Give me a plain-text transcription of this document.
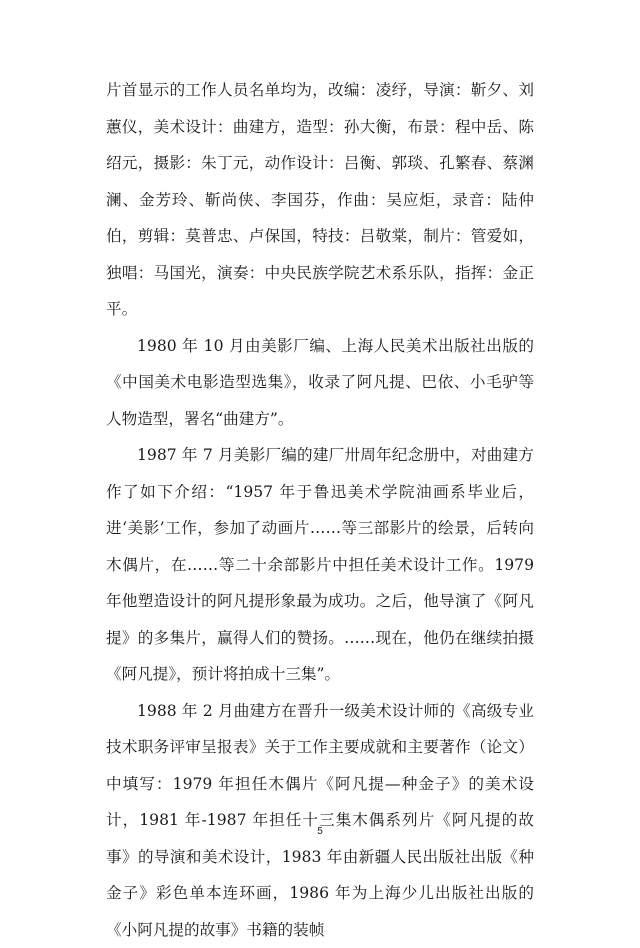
片首显示的工作人员名单均为，改编：凌纾，导演：靳夕、刘蕙仪，美术设计：曲建方，造型：孙大衡，布景：程中岳、陈绍元，摄影：朱丁元，动作设计：吕衡、郭琰、孔繁春、蔡渊澜、金芳玲、靳尚侠、李国芬，作曲：吴应炬，录音：陆仲伯，剪辑：莫普忠、卢保国，特技：吕敬棠，制片：管爱如，独唱：马国光，演奏：中央民族学院艺术系乐队，指挥：金正平。

1980 年 10 月由美影厂编、上海人民美术出版社出版的《中国美术电影造型选集》，收录了阿凡提、巴依、小毛驴等人物造型，署名“曲建方”。

1987 年 7 月美影厂编的建厂卅周年纪念册中，对曲建方作了如下介绍：“1957 年于鲁迅美术学院油画系毕业后，进‘美影’工作，参加了动画片……等三部影片的绘景，后转向木偶片，在……等二十余部影片中担任美术设计工作。1979 年他塑造设计的阿凡提形象最为成功。之后，他导演了《阿凡提》的多集片，赢得人们的赞扬。……现在，他仍在继续拍摄《阿凡提》，预计将拍成十三集”。

1988 年 2 月曲建方在晋升一级美术设计师的《高级专业技术职务评审呈报表》关于工作主要成就和主要著作（论文）中填写：1979 年担任木偶片《阿凡提—种金子》的美术设计，1981 年-1987 年担任十三集木偶系列片《阿凡提的故事》的导演和美术设计，1983 年由新疆人民出版社出版《种金子》彩色单本连环画，1986 年为上海少儿出版社出版的《小阿凡提的故事》书籍的装帧

5
